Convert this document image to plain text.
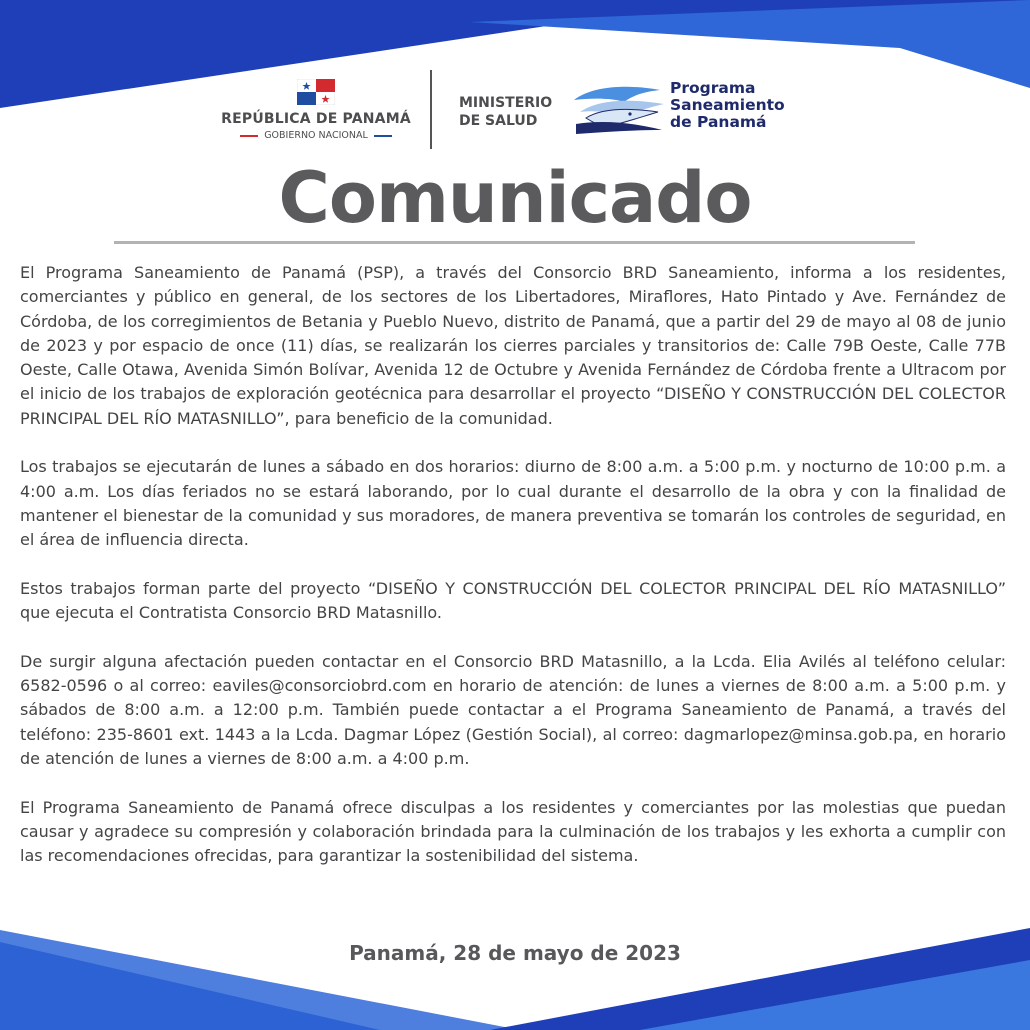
REPÚBLICA DE PANAMÁ
GOBIERNO NACIONAL
MINISTERIO
DE SALUD
Programa
Saneamiento
de Panamá
Comunicado

El Programa Saneamiento de Panamá (PSP), a través del Consorcio BRD Saneamiento, informa a los residentes, comerciantes y público en general, de los sectores de los Libertadores, Miraflores, Hato Pintado y Ave. Fernández de Córdoba, de los corregimientos de Betania y Pueblo Nuevo, distrito de Panamá, que a partir del 29 de mayo al 08 de junio de 2023 y por espacio de once (11) días, se realizarán los cierres parciales y transitorios de: Calle 79B Oeste, Calle 77B Oeste, Calle Otawa, Avenida Simón Bolívar, Avenida 12 de Octubre y Avenida Fernández de Córdoba frente a Ultracom por el inicio de los trabajos de exploración geotécnica para desarrollar el proyecto “DISEÑO Y CONSTRUCCIÓN DEL COLECTOR PRINCIPAL DEL RÍO MATASNILLO”, para beneficio de la comunidad.

Los trabajos se ejecutarán de lunes a sábado en dos horarios: diurno de 8:00 a.m. a 5:00 p.m. y nocturno de 10:00 p.m. a 4:00 a.m. Los días feriados no se estará laborando, por lo cual durante el desarrollo de la obra y con la finalidad de mantener el bienestar de la comunidad y sus moradores, de manera preventiva se tomarán los controles de seguridad, en el área de influencia directa.

Estos trabajos forman parte del proyecto “DISEÑO Y CONSTRUCCIÓN DEL COLECTOR PRINCIPAL DEL RÍO MATASNILLO” que ejecuta el Contratista Consorcio BRD Matasnillo.

De surgir alguna afectación pueden contactar en el Consorcio BRD Matasnillo, a la Lcda. Elia Avilés al teléfono celular: 6582-0596 o al correo: eaviles@consorciobrd.com en horario de atención: de lunes a viernes de 8:00 a.m. a 5:00 p.m. y sábados de 8:00 a.m. a 12:00 p.m. También puede contactar a el Programa Saneamiento de Panamá, a través del teléfono: 235-8601 ext. 1443 a la Lcda. Dagmar López (Gestión Social), al correo: dagmarlopez@minsa.gob.pa, en horario de atención de lunes a viernes de 8:00 a.m. a 4:00 p.m.

El Programa Saneamiento de Panamá ofrece disculpas a los residentes y comerciantes por las molestias que puedan causar y agradece su compresión y colaboración brindada para la culminación de los trabajos y les exhorta a cumplir con las recomendaciones ofrecidas, para garantizar la sostenibilidad del sistema.

Panamá, 28 de mayo de 2023
